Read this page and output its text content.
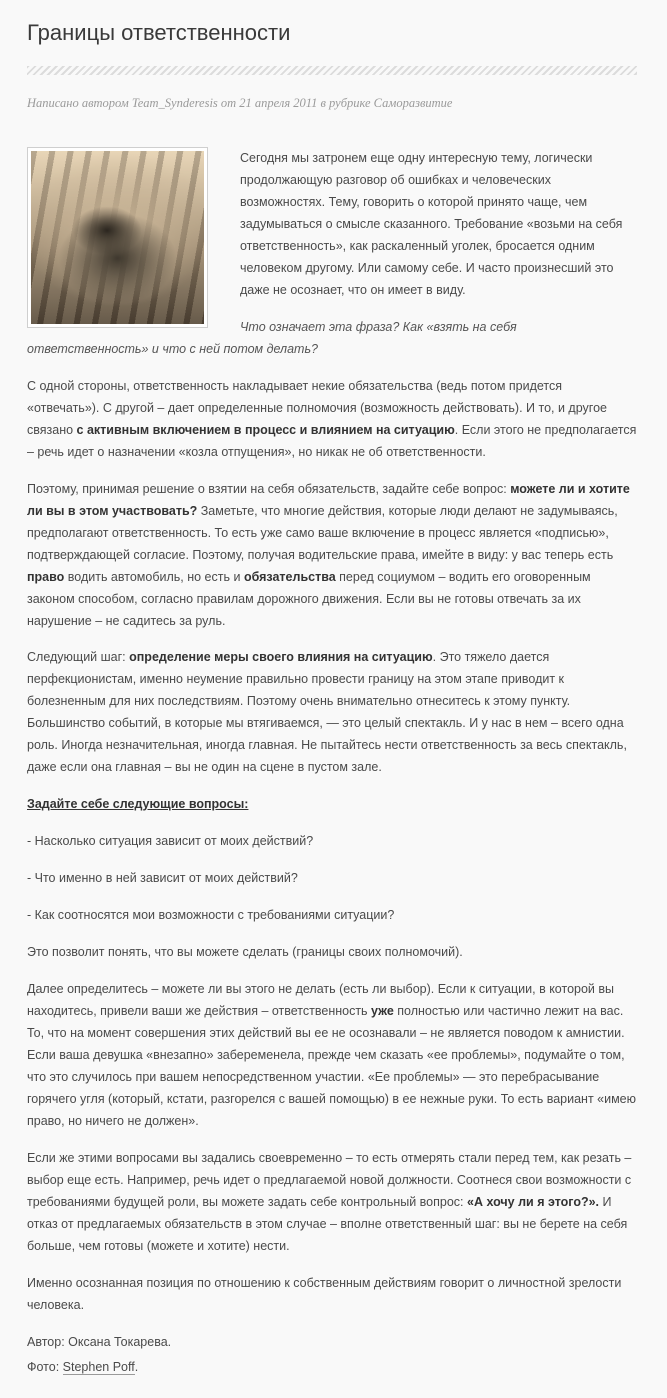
Границы ответственности
Написано автором Team_Synderesis от 21 апреля 2011 в рубрике Саморазвитие

Сегодня мы затронем еще одну интересную тему, логически продолжающую разговор об ошибках и человеческих возможностях. Тему, говорить о которой принято чаще, чем задумываться о смысле сказанного. Требование «возьми на себя ответственность», как раскаленный уголек, бросается одним человеком другому. Или самому себе. И часто произнесший это даже не осознает, что он имеет в виду.

Что означает эта фраза? Как «взять на себя ответственность» и что с ней потом делать?

С одной стороны, ответственность накладывает некие обязательства (ведь потом придется «отвечать»). С другой – дает определенные полномочия (возможность действовать). И то, и другое связано с активным включением в процесс и влиянием на ситуацию. Если этого не предполагается – речь идет о назначении «козла отпущения», но никак не об ответственности.

Поэтому, принимая решение о взятии на себя обязательств, задайте себе вопрос: можете ли и хотите ли вы в этом участвовать? Заметьте, что многие действия, которые люди делают не задумываясь, предполагают ответственность. То есть уже само ваше включение в процесс является «подписью», подтверждающей согласие. Поэтому, получая водительские права, имейте в виду: у вас теперь есть право водить автомобиль, но есть и обязательства перед социумом – водить его оговоренным законом способом, согласно правилам дорожного движения. Если вы не готовы отвечать за их нарушение – не садитесь за руль.

Следующий шаг: определение меры своего влияния на ситуацию. Это тяжело дается перфекционистам, именно неумение правильно провести границу на этом этапе приводит к болезненным для них последствиям. Поэтому очень внимательно отнеситесь к этому пункту. Большинство событий, в которые мы втягиваемся, — это целый спектакль. И у нас в нем – всего одна роль. Иногда незначительная, иногда главная. Не пытайтесь нести ответственность за весь спектакль, даже если она главная – вы не один на сцене в пустом зале.

Задайте себе следующие вопросы:

- Насколько ситуация зависит от моих действий?

- Что именно в ней зависит от моих действий?

- Как соотносятся мои возможности с требованиями ситуации?

Это позволит понять, что вы можете сделать (границы своих полномочий).

Далее определитесь – можете ли вы этого не делать (есть ли выбор). Если к ситуации, в которой вы находитесь, привели ваши же действия – ответственность уже полностью или частично лежит на вас. То, что на момент совершения этих действий вы ее не осознавали – не является поводом к амнистии. Если ваша девушка «внезапно» забеременела, прежде чем сказать «ее проблемы», подумайте о том, что это случилось при вашем непосредственном участии. «Ее проблемы» — это перебрасывание горячего угля (который, кстати, разгорелся с вашей помощью) в ее нежные руки. То есть вариант «имею право, но ничего не должен».

Если же этими вопросами вы задались своевременно – то есть отмерять стали перед тем, как резать – выбор еще есть. Например, речь идет о предлагаемой новой должности. Соотнеся свои возможности с требованиями будущей роли, вы можете задать себе контрольный вопрос: «А хочу ли я этого?». И отказ от предлагаемых обязательств в этом случае – вполне ответственный шаг: вы не берете на себя больше, чем готовы (можете и хотите) нести.

Именно осознанная позиция по отношению к собственным действиям говорит о личностной зрелости человека.

Автор: Оксана Токарева.

Фото: Stephen Poff.
